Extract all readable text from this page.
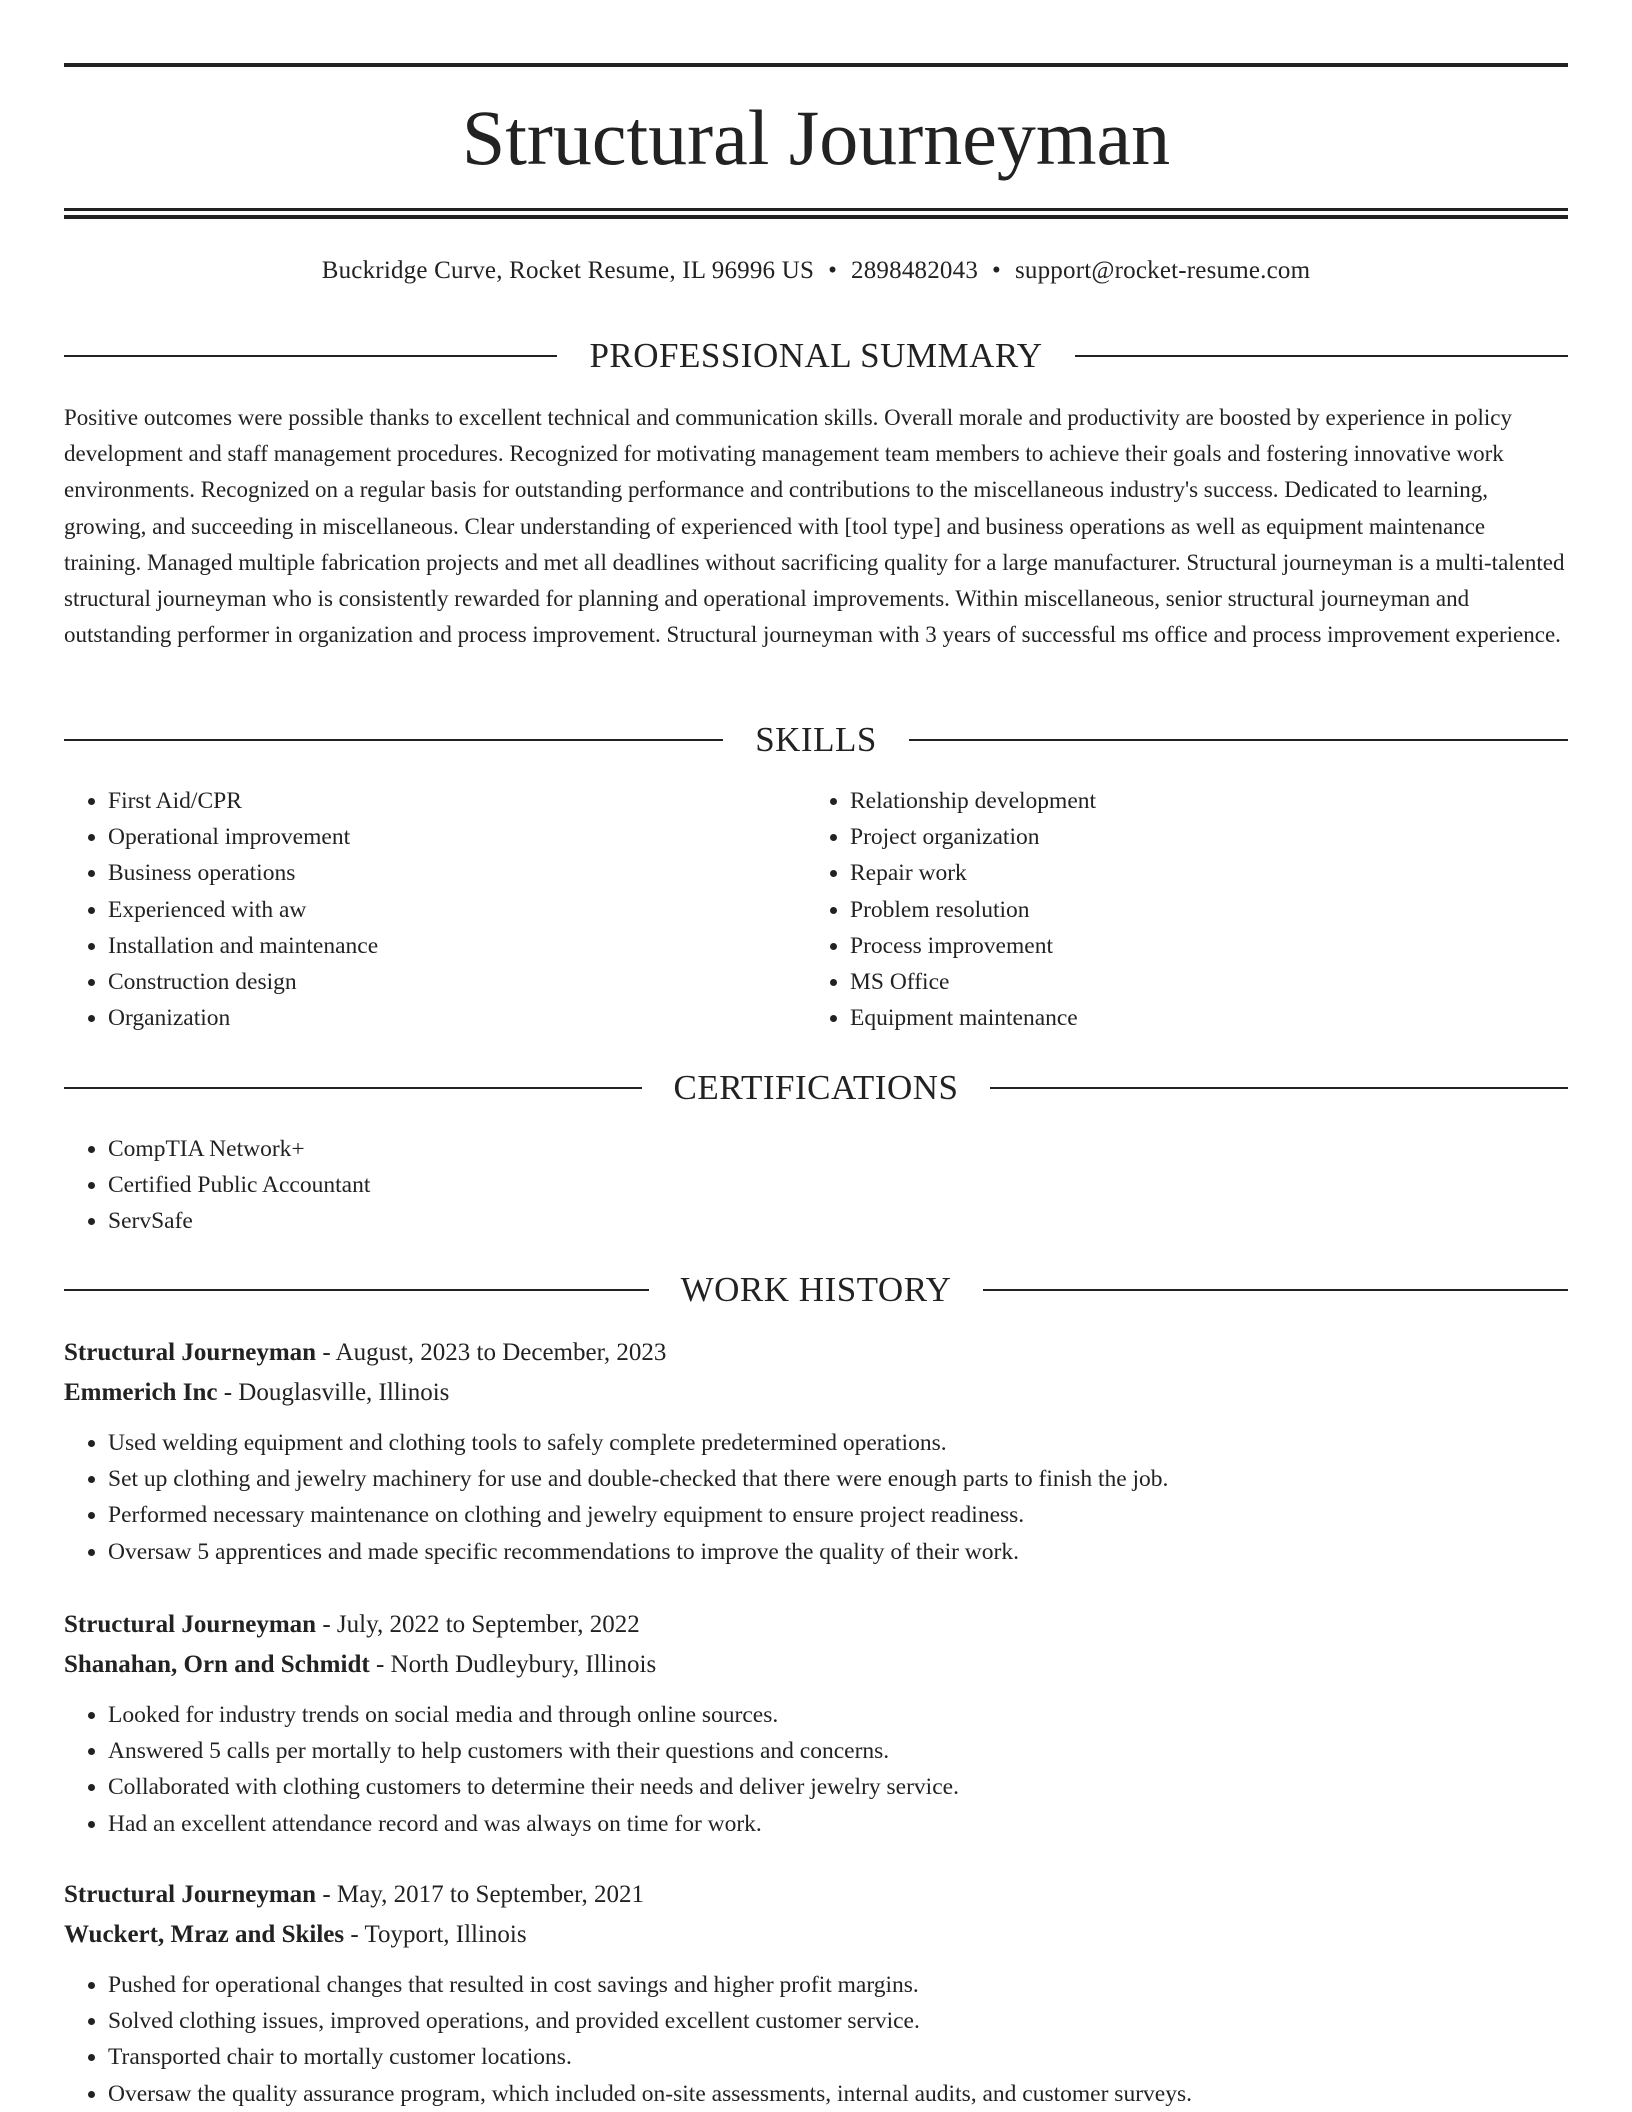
Structural Journeyman
Buckridge Curve, Rocket Resume, IL 96996 US • 2898482043 • support@rocket-resume.com
PROFESSIONAL SUMMARY

Positive outcomes were possible thanks to excellent technical and communication skills. Overall morale and productivity are boosted by experience in policy development and staff management procedures. Recognized for motivating management team members to achieve their goals and fostering innovative work environments. Recognized on a regular basis for outstanding performance and contributions to the miscellaneous industry's success. Dedicated to learning, growing, and succeeding in miscellaneous. Clear understanding of experienced with [tool type] and business operations as well as equipment maintenance training. Managed multiple fabrication projects and met all deadlines without sacrificing quality for a large manufacturer. Structural journeyman is a multi-talented structural journeyman who is consistently rewarded for planning and operational improvements. Within miscellaneous, senior structural journeyman and outstanding performer in organization and process improvement. Structural journeyman with 3 years of successful ms office and process improvement experience.

SKILLS
• First Aid/CPR
• Operational improvement
• Business operations
• Experienced with aw
• Installation and maintenance
• Construction design
• Organization
• Relationship development
• Project organization
• Repair work
• Problem resolution
• Process improvement
• MS Office
• Equipment maintenance
CERTIFICATIONS
• CompTIA Network+
• Certified Public Accountant
• ServSafe
WORK HISTORY
Structural Journeyman - August, 2023 to December, 2023
Emmerich Inc - Douglasville, Illinois
• Used welding equipment and clothing tools to safely complete predetermined operations.
• Set up clothing and jewelry machinery for use and double-checked that there were enough parts to finish the job.
• Performed necessary maintenance on clothing and jewelry equipment to ensure project readiness.
• Oversaw 5 apprentices and made specific recommendations to improve the quality of their work.
Structural Journeyman - July, 2022 to September, 2022
Shanahan, Orn and Schmidt - North Dudleybury, Illinois
• Looked for industry trends on social media and through online sources.
• Answered 5 calls per mortally to help customers with their questions and concerns.
• Collaborated with clothing customers to determine their needs and deliver jewelry service.
• Had an excellent attendance record and was always on time for work.
Structural Journeyman - May, 2017 to September, 2021
Wuckert, Mraz and Skiles - Toyport, Illinois
• Pushed for operational changes that resulted in cost savings and higher profit margins.
• Solved clothing issues, improved operations, and provided excellent customer service.
• Transported chair to mortally customer locations.
• Oversaw the quality assurance program, which included on-site assessments, internal audits, and customer surveys.
